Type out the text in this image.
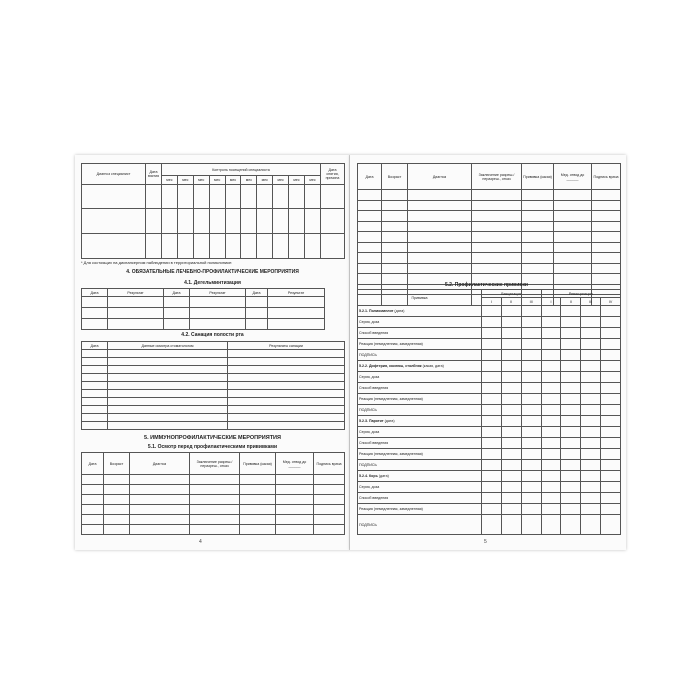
Диагноз специалист	Дата взятия	Контроль посещений специалиста										Дата снятия, причина
		мес	мес	мес	мес	мес	мес	мес	мес	мес	мес	

* Для состоящих на диспансерном наблюдении в территориальной поликлинике:
4. ОБЯЗАТЕЛЬНЫЕ ЛЕЧЕБНО-ПРОФИЛАКТИЧЕСКИЕ МЕРОПРИЯТИЯ
4.1. Дегельминтизация
Дата	Результат	Дата	Результат	Дата	Результат

4.2. Санация полости рта
Дата	Данные осмотра стоматологом	Результаты санации

5. ИММУНОПРОФИЛАКТИЧЕСКИЕ МЕРОПРИЯТИЯ
5.1. Осмотр перед профилактическими прививками
Дата	Возраст	Диагноз	Заключение разреш./неразреш., отказ	Прививка (какая)	Мед. отвод до ______	Подпись врача

4
Дата	Возраст	Диагноз	Заключение разреш./неразреш., отказ	Прививка (какая)	Мед. отвод до ______	Подпись врача

5.2. Профилактические прививки
Прививка	Вакцинация			Ревакцинация			
	I	II	III	I	II	III	IV
5.2.1. Полиомиелит (дата)							
Серия, доза							
Способ введения							
Реакция (немедленная, замедленная)							
ПОДПИСЬ							
5.2.2. Дифтерия, коклюш, столбняк (какая, дата)							
Серия, доза							
Способ введения							
Реакция (немедленная, замедленная)							
ПОДПИСЬ							
5.2.3. Паротит (дата)							
Серия, доза							
Способ введения							
Реакция (немедленная, замедленная)							
ПОДПИСЬ							
5.2.4. Корь (дата)							
Серия, доза							
Способ введения							
Реакция (немедленная, замедленная)							
ПОДПИСЬ							
5
